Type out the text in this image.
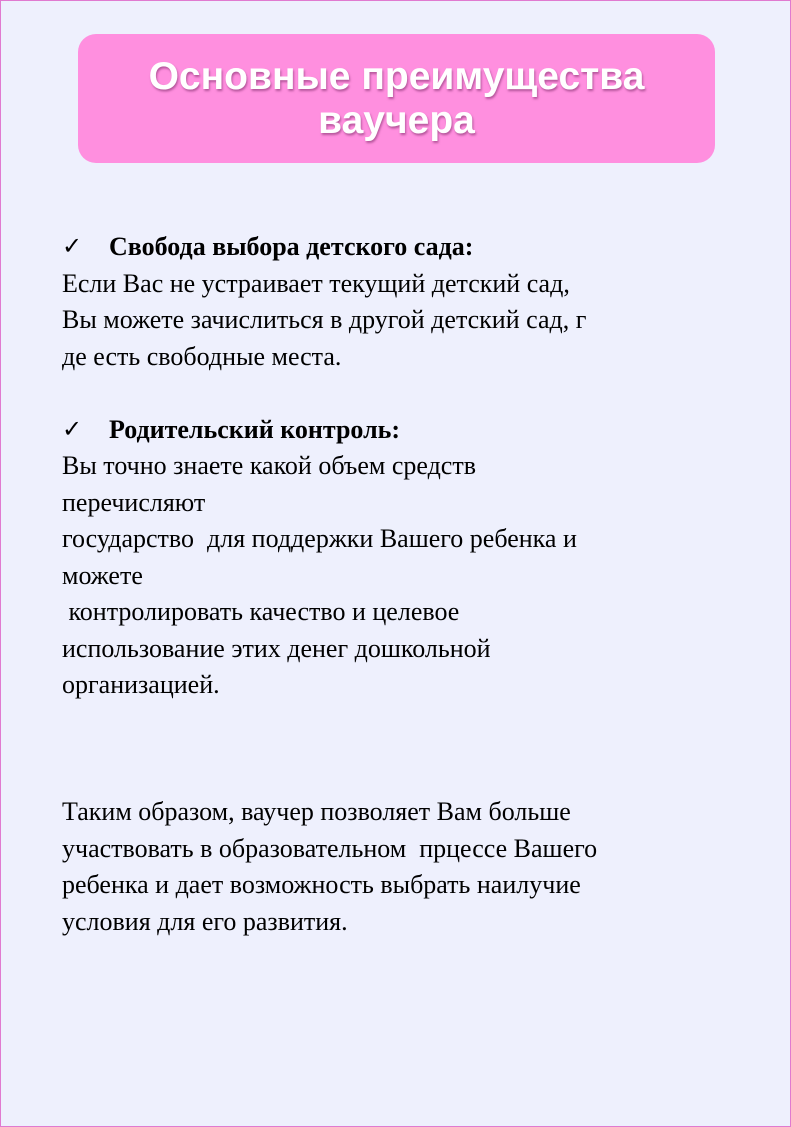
Основные преимущества
ваучера
✓	Свобода выбора детского сада:
Если Вас не устраивает текущий детский сад,
Вы можете зачислиться в другой детский сад, г
де есть свободные места.
✓	Родительский контроль:
Вы точно знаете какой объем средств
перечисляют
государство  для поддержки Вашего ребенка и
можете
контролировать качество и целевое
использование этих денег дошкольной
организацией.
Таким образом, ваучер позволяет Вам больше
участвовать в образовательном  прцессе Вашего
ребенка и дает возможность выбрать наилучие
условия для его развития.
